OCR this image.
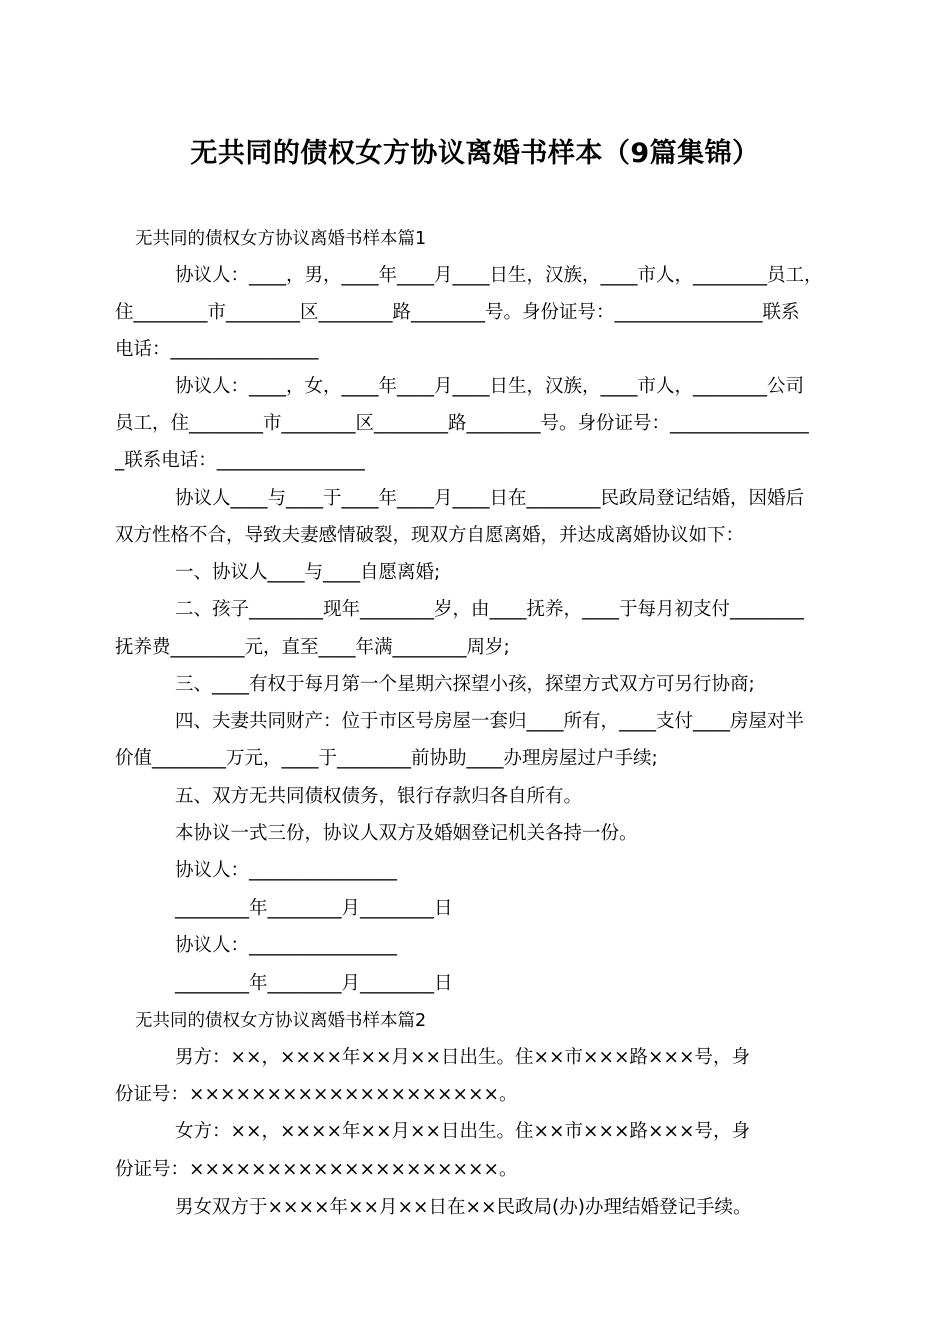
无共同的债权女方协议离婚书样本（9篇集锦）
无共同的债权女方协议离婚书样本篇1
协议人：____，男，____年____月____日生，汉族，____市人，________员工，
住________市________区________路________号。身份证号：________________联系
电话：________________
协议人：____，女，____年____月____日生，汉族，____市人，________公司
员工，住________市________区________路________号。身份证号：_______________
_联系电话：________________
协议人____与____于____年____月____日在________民政局登记结婚，因婚后
双方性格不合，导致夫妻感情破裂，现双方自愿离婚，并达成离婚协议如下：
一、协议人____与____自愿离婚;
二、孩子________现年________岁，由____抚养，____于每月初支付________
抚养费________元，直至____年满________周岁;
三、____有权于每月第一个星期六探望小孩，探望方式双方可另行协商;
四、夫妻共同财产：位于市区号房屋一套归____所有，____支付____房屋对半
价值________万元，____于________前协助____办理房屋过户手续;
五、双方无共同债权债务，银行存款归各自所有。
本协议一式三份，协议人双方及婚姻登记机关各持一份。
协议人：________________
________年________月________日
协议人：________________
________年________月________日
无共同的债权女方协议离婚书样本篇2
男方：××，××××年××月××日出生。住××市×××路×××号，身
份证号：××××××××××××××××××××。
女方：××，××××年××月××日出生。住××市×××路×××号，身
份证号：××××××××××××××××××××。
男女双方于××××年××月××日在××民政局(办)办理结婚登记手续。
